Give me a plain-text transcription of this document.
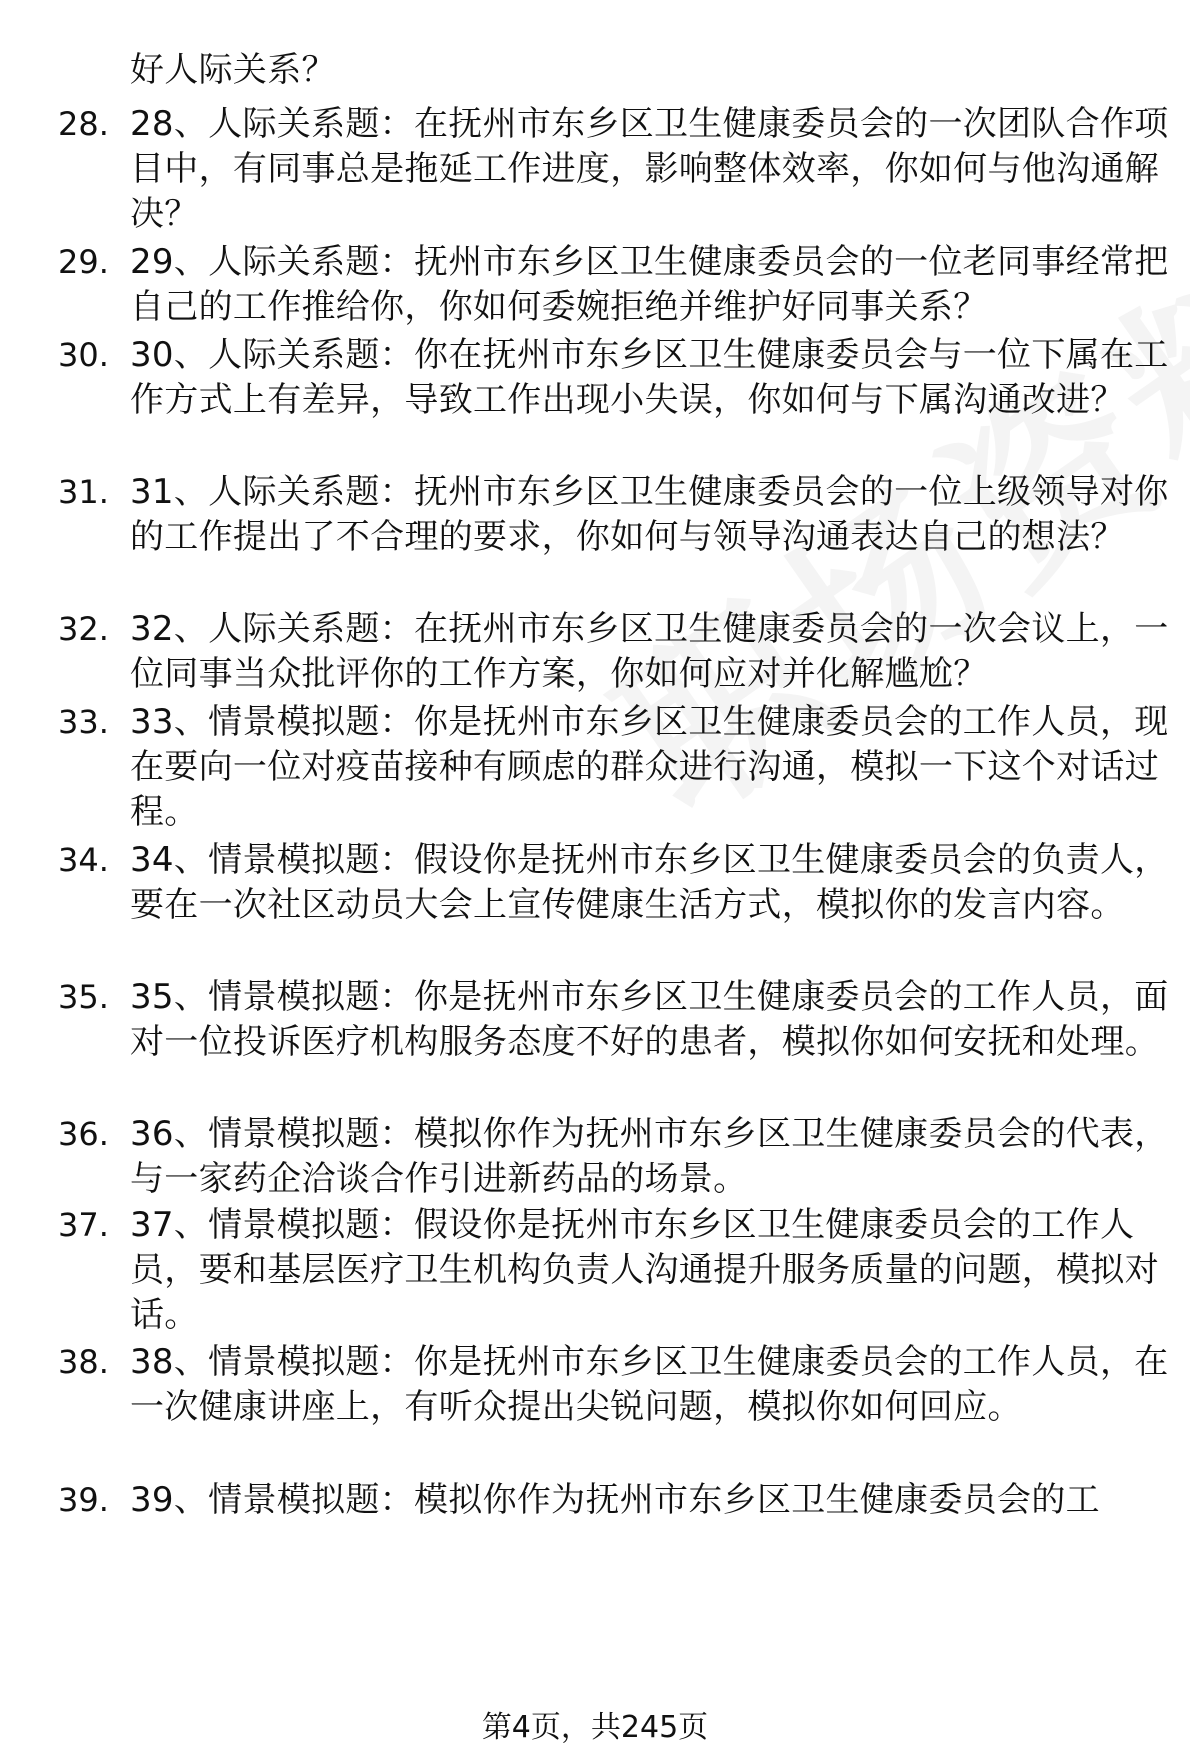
好人际关系？
28. 28、人际关系题：在抚州市东乡区卫生健康委员会的一次团队合作项目中，有同事总是拖延工作进度，影响整体效率，你如何与他沟通解决？
29. 29、人际关系题：抚州市东乡区卫生健康委员会的一位老同事经常把自己的工作推给你，你如何委婉拒绝并维护好同事关系？
30. 30、人际关系题：你在抚州市东乡区卫生健康委员会与一位下属在工作方式上有差异，导致工作出现小失误，你如何与下属沟通改进？
31. 31、人际关系题：抚州市东乡区卫生健康委员会的一位上级领导对你的工作提出了不合理的要求，你如何与领导沟通表达自己的想法？
32. 32、人际关系题：在抚州市东乡区卫生健康委员会的一次会议上，一位同事当众批评你的工作方案，你如何应对并化解尴尬？
33. 33、情景模拟题：你是抚州市东乡区卫生健康委员会的工作人员，现在要向一位对疫苗接种有顾虑的群众进行沟通，模拟一下这个对话过程。
34. 34、情景模拟题：假设你是抚州市东乡区卫生健康委员会的负责人，要在一次社区动员大会上宣传健康生活方式，模拟你的发言内容。
35. 35、情景模拟题：你是抚州市东乡区卫生健康委员会的工作人员，面对一位投诉医疗机构服务态度不好的患者，模拟你如何安抚和处理。
36. 36、情景模拟题：模拟你作为抚州市东乡区卫生健康委员会的代表，与一家药企洽谈合作引进新药品的场景。
37. 37、情景模拟题：假设你是抚州市东乡区卫生健康委员会的工作人员，要和基层医疗卫生机构负责人沟通提升服务质量的问题，模拟对话。
38. 38、情景模拟题：你是抚州市东乡区卫生健康委员会的工作人员，在一次健康讲座上，有听众提出尖锐问题，模拟你如何回应。
39. 39、情景模拟题：模拟你作为抚州市东乡区卫生健康委员会的工
第4页，共245页
